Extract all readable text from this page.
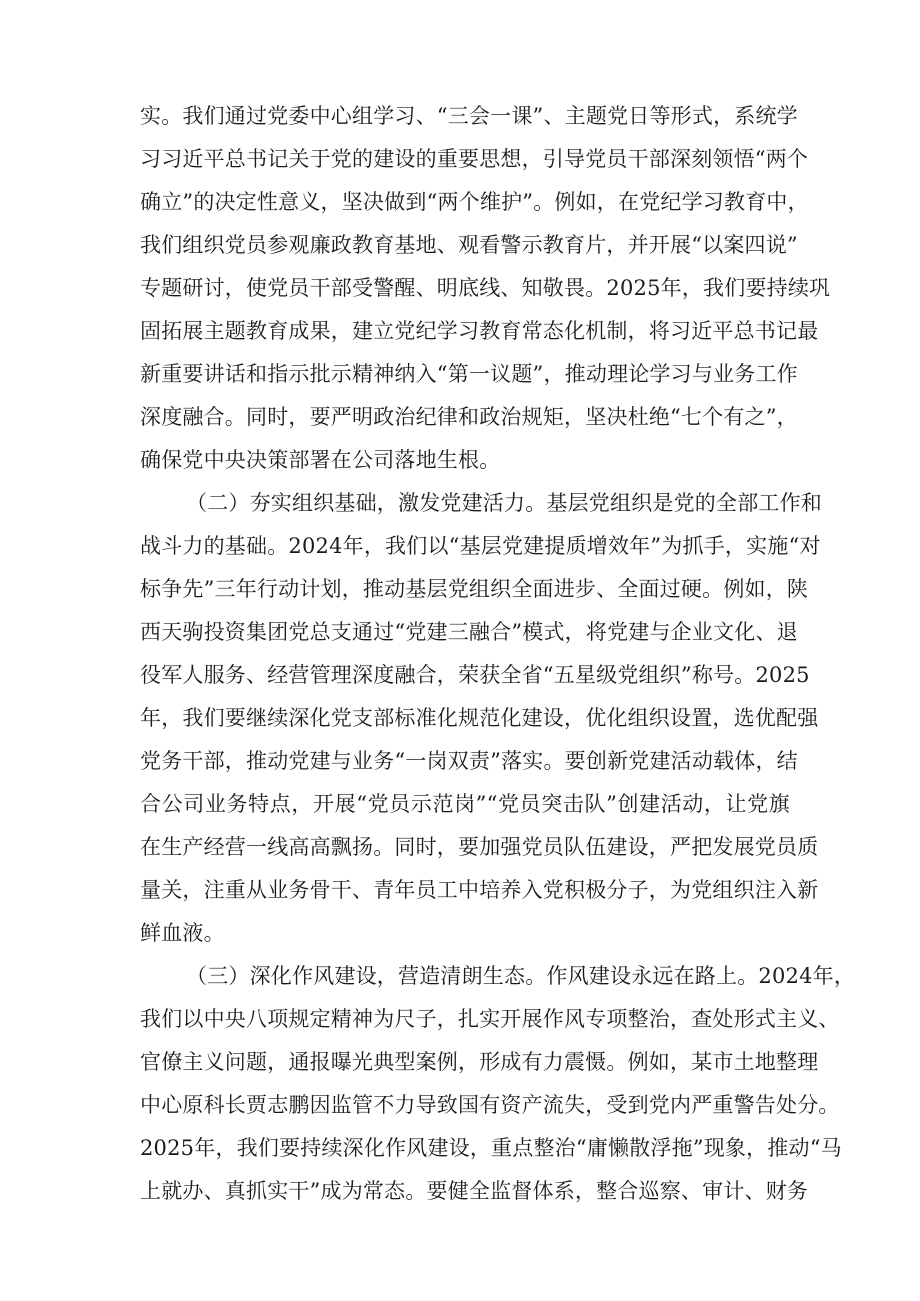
实。我们通过党委中心组学习、“三会一课”、主题党日等形式，系统学
习习近平总书记关于党的建设的重要思想，引导党员干部深刻领悟“两个
确立”的决定性意义，坚决做到“两个维护”。例如，在党纪学习教育中，
我们组织党员参观廉政教育基地、观看警示教育片，并开展“以案四说”
专题研讨，使党员干部受警醒、明底线、知敬畏。2025年，我们要持续巩
固拓展主题教育成果，建立党纪学习教育常态化机制，将习近平总书记最
新重要讲话和指示批示精神纳入“第一议题”，推动理论学习与业务工作
深度融合。同时，要严明政治纪律和政治规矩，坚决杜绝“七个有之”，
确保党中央决策部署在公司落地生根。
（二）夯实组织基础，激发党建活力。基层党组织是党的全部工作和
战斗力的基础。2024年，我们以“基层党建提质增效年”为抓手，实施“对
标争先”三年行动计划，推动基层党组织全面进步、全面过硬。例如，陕
西天驹投资集团党总支通过“党建三融合”模式，将党建与企业文化、退
役军人服务、经营管理深度融合，荣获全省“五星级党组织”称号。2025
年，我们要继续深化党支部标准化规范化建设，优化组织设置，选优配强
党务干部，推动党建与业务“一岗双责”落实。要创新党建活动载体，结
合公司业务特点，开展“党员示范岗”“党员突击队”创建活动，让党旗
在生产经营一线高高飘扬。同时，要加强党员队伍建设，严把发展党员质
量关，注重从业务骨干、青年员工中培养入党积极分子，为党组织注入新
鲜血液。
（三）深化作风建设，营造清朗生态。作风建设永远在路上。2024年，
我们以中央八项规定精神为尺子，扎实开展作风专项整治，查处形式主义、
官僚主义问题，通报曝光典型案例，形成有力震慑。例如，某市土地整理
中心原科长贾志鹏因监管不力导致国有资产流失，受到党内严重警告处分。
2025年，我们要持续深化作风建设，重点整治“庸懒散浮拖”现象，推动“马
上就办、真抓实干”成为常态。要健全监督体系，整合巡察、审计、财务
